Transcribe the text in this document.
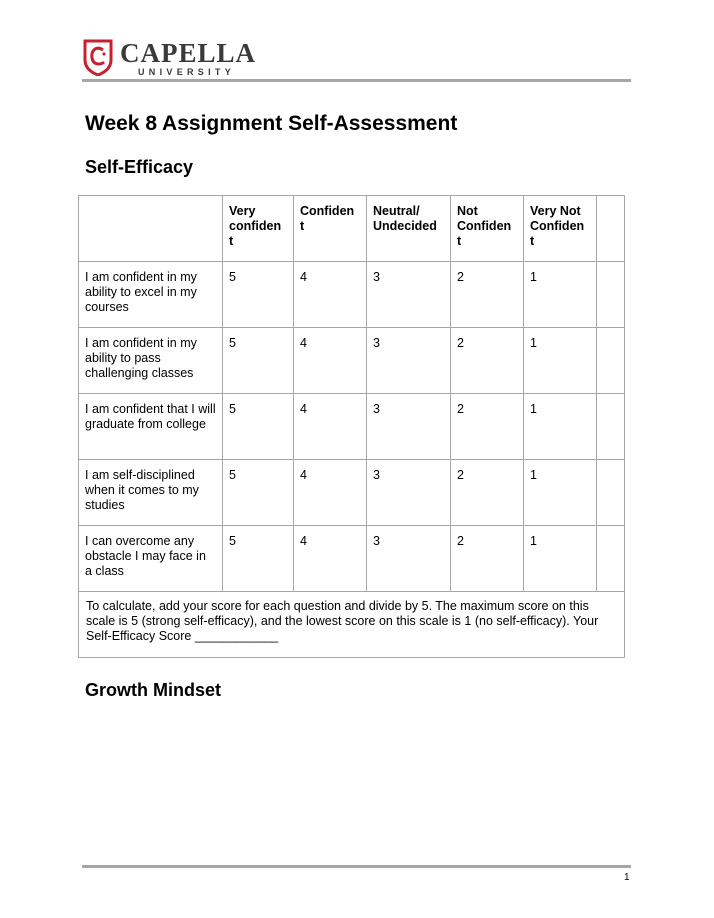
CAPELLA
UNIVERSITY
Week 8 Assignment Self-Assessment
Self-Efficacy
	Very confiden t	Confiden t	Neutral/ Undecided	Not Confiden t	Very Not Confiden t	
I am confident in my ability to excel in my courses	5	4	3	2	1	
I am confident in my ability to pass challenging classes	5	4	3	2	1	
I am confident that I will graduate from college	5	4	3	2	1	
I am self-disciplined when it comes to my studies	5	4	3	2	1	
I can overcome any obstacle I may face in a class	5	4	3	2	1	
To calculate, add your score for each question and divide by 5. The maximum score on this scale is 5 (strong self-efficacy), and the lowest score on this scale is 1 (no self-efficacy). Your Self-Efficacy Score ____________						
Growth Mindset
1
